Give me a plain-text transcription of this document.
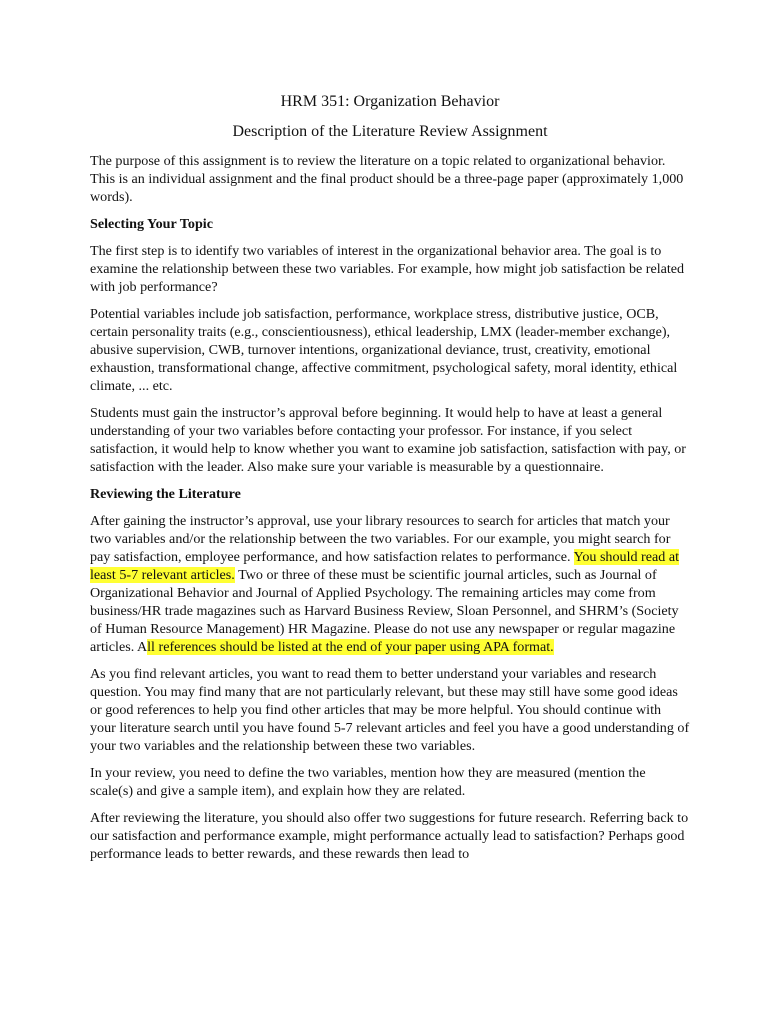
HRM 351: Organization Behavior
Description of the Literature Review Assignment

The purpose of this assignment is to review the literature on a topic related to organizational behavior. This is an individual assignment and the final product should be a three-page paper (approximately 1,000 words).

Selecting Your Topic

The first step is to identify two variables of interest in the organizational behavior area. The goal is to examine the relationship between these two variables. For example, how might job satisfaction be related with job performance?

Potential variables include job satisfaction, performance, workplace stress, distributive justice, OCB, certain personality traits (e.g., conscientiousness), ethical leadership, LMX (leader-member exchange), abusive supervision, CWB, turnover intentions, organizational deviance, trust, creativity, emotional exhaustion, transformational change, affective commitment, psychological safety, moral identity, ethical climate, ... etc.

Students must gain the instructor’s approval before beginning. It would help to have at least a general understanding of your two variables before contacting your professor. For instance, if you select satisfaction, it would help to know whether you want to examine job satisfaction, satisfaction with pay, or satisfaction with the leader. Also make sure your variable is measurable by a questionnaire.

Reviewing the Literature

After gaining the instructor’s approval, use your library resources to search for articles that match your two variables and/or the relationship between the two variables. For our example, you might search for pay satisfaction, employee performance, and how satisfaction relates to performance. You should read at least 5-7 relevant articles. Two or three of these must be scientific journal articles, such as Journal of Organizational Behavior and Journal of Applied Psychology. The remaining articles may come from business/HR trade magazines such as Harvard Business Review, Sloan Personnel, and SHRM’s (Society of Human Resource Management) HR Magazine. Please do not use any newspaper or regular magazine articles. All references should be listed at the end of your paper using APA format.

As you find relevant articles, you want to read them to better understand your variables and research question. You may find many that are not particularly relevant, but these may still have some good ideas or good references to help you find other articles that may be more helpful. You should continue with your literature search until you have found 5-7 relevant articles and feel you have a good understanding of your two variables and the relationship between these two variables.

In your review, you need to define the two variables, mention how they are measured (mention the scale(s) and give a sample item), and explain how they are related.

After reviewing the literature, you should also offer two suggestions for future research. Referring back to our satisfaction and performance example, might performance actually lead to satisfaction? Perhaps good performance leads to better rewards, and these rewards then lead to
